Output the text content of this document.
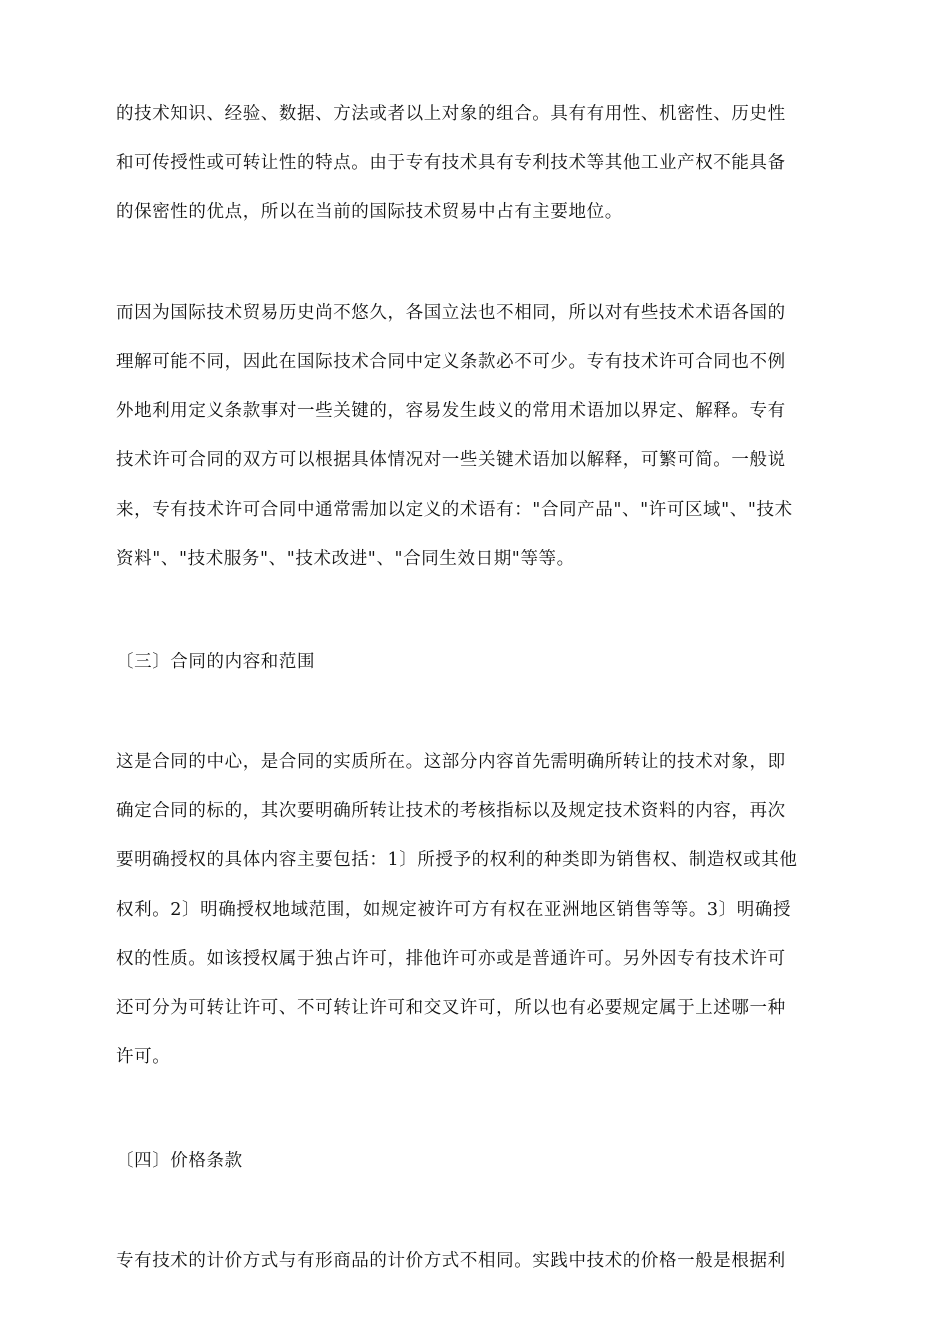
的技术知识、经验、数据、方法或者以上对象的组合。具有有用性、机密性、历史性
和可传授性或可转让性的特点。由于专有技术具有专利技术等其他工业产权不能具备
的保密性的优点，所以在当前的国际技术贸易中占有主要地位。
而因为国际技术贸易历史尚不悠久，各国立法也不相同，所以对有些技术术语各国的
理解可能不同，因此在国际技术合同中定义条款必不可少。专有技术许可合同也不例
外地利用定义条款事对一些关键的，容易发生歧义的常用术语加以界定、解释。专有
技术许可合同的双方可以根据具体情况对一些关键术语加以解释，可繁可简。一般说
来，专有技术许可合同中通常需加以定义的术语有："合同产品"、"许可区域"、"技术
资料"、"技术服务"、"技术改进"、"合同生效日期"等等。
〔三〕合同的内容和范围
这是合同的中心，是合同的实质所在。这部分内容首先需明确所转让的技术对象，即
确定合同的标的，其次要明确所转让技术的考核指标以及规定技术资料的内容，再次
要明确授权的具体内容主要包括：1〕所授予的权利的种类即为销售权、制造权或其他
权利。2〕明确授权地域范围，如规定被许可方有权在亚洲地区销售等等。3〕明确授
权的性质。如该授权属于独占许可，排他许可亦或是普通许可。另外因专有技术许可
还可分为可转让许可、不可转让许可和交叉许可，所以也有必要规定属于上述哪一种
许可。
〔四〕价格条款
专有技术的计价方式与有形商品的计价方式不相同。实践中技术的价格一般是根据利
